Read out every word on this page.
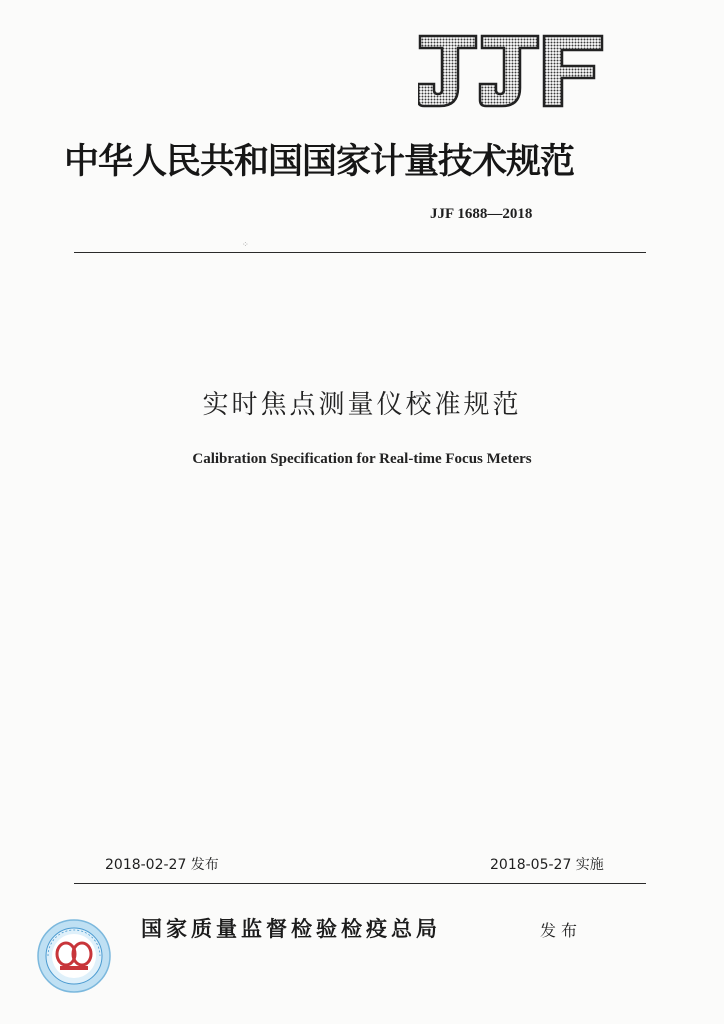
中华人民共和国国家计量技术规范
JJF 1688—2018
⁘
实时焦点测量仪校准规范
Calibration Specification for Real-time Focus Meters
2018-02-27 发布	2018-05-27 实施
国家质量监督检验检疫总局	发布
